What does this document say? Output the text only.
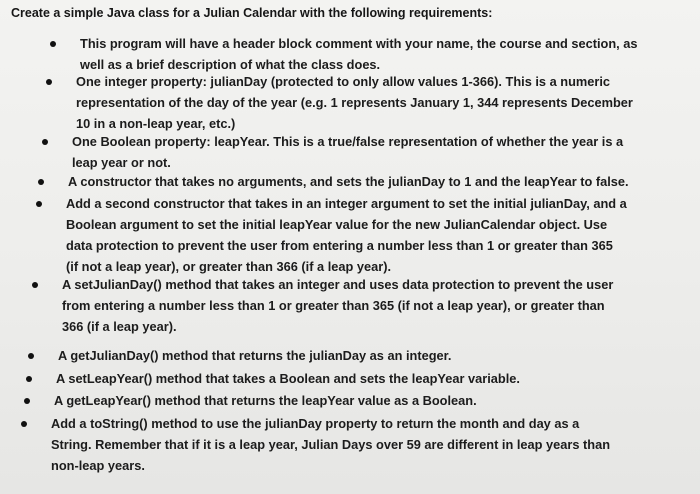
Create a simple Java class for a Julian Calendar with the following requirements:
This program will have a header block comment with your name, the course and section, as
well as a brief description of what the class does.
One integer property: julianDay (protected to only allow values 1-366). This is a numeric
representation of the day of the year (e.g. 1 represents January 1, 344 represents December
10 in a non-leap year, etc.)
One Boolean property: leapYear. This is a true/false representation of whether the year is a
leap year or not.
A constructor that takes no arguments, and sets the julianDay to 1 and the leapYear to false.
Add a second constructor that takes in an integer argument to set the initial julianDay, and a
Boolean argument to set the initial leapYear value for the new JulianCalendar object. Use
data protection to prevent the user from entering a number less than 1 or greater than 365
(if not a leap year), or greater than 366 (if a leap year).
A setJulianDay() method that takes an integer and uses data protection to prevent the user
from entering a number less than 1 or greater than 365 (if not a leap year), or greater than
366 (if a leap year).
A getJulianDay() method that returns the julianDay as an integer.
A setLeapYear() method that takes a Boolean and sets the leapYear variable.
A getLeapYear() method that returns the leapYear value as a Boolean.
Add a toString() method to use the julianDay property to return the month and day as a
String. Remember that if it is a leap year, Julian Days over 59 are different in leap years than
non-leap years.
